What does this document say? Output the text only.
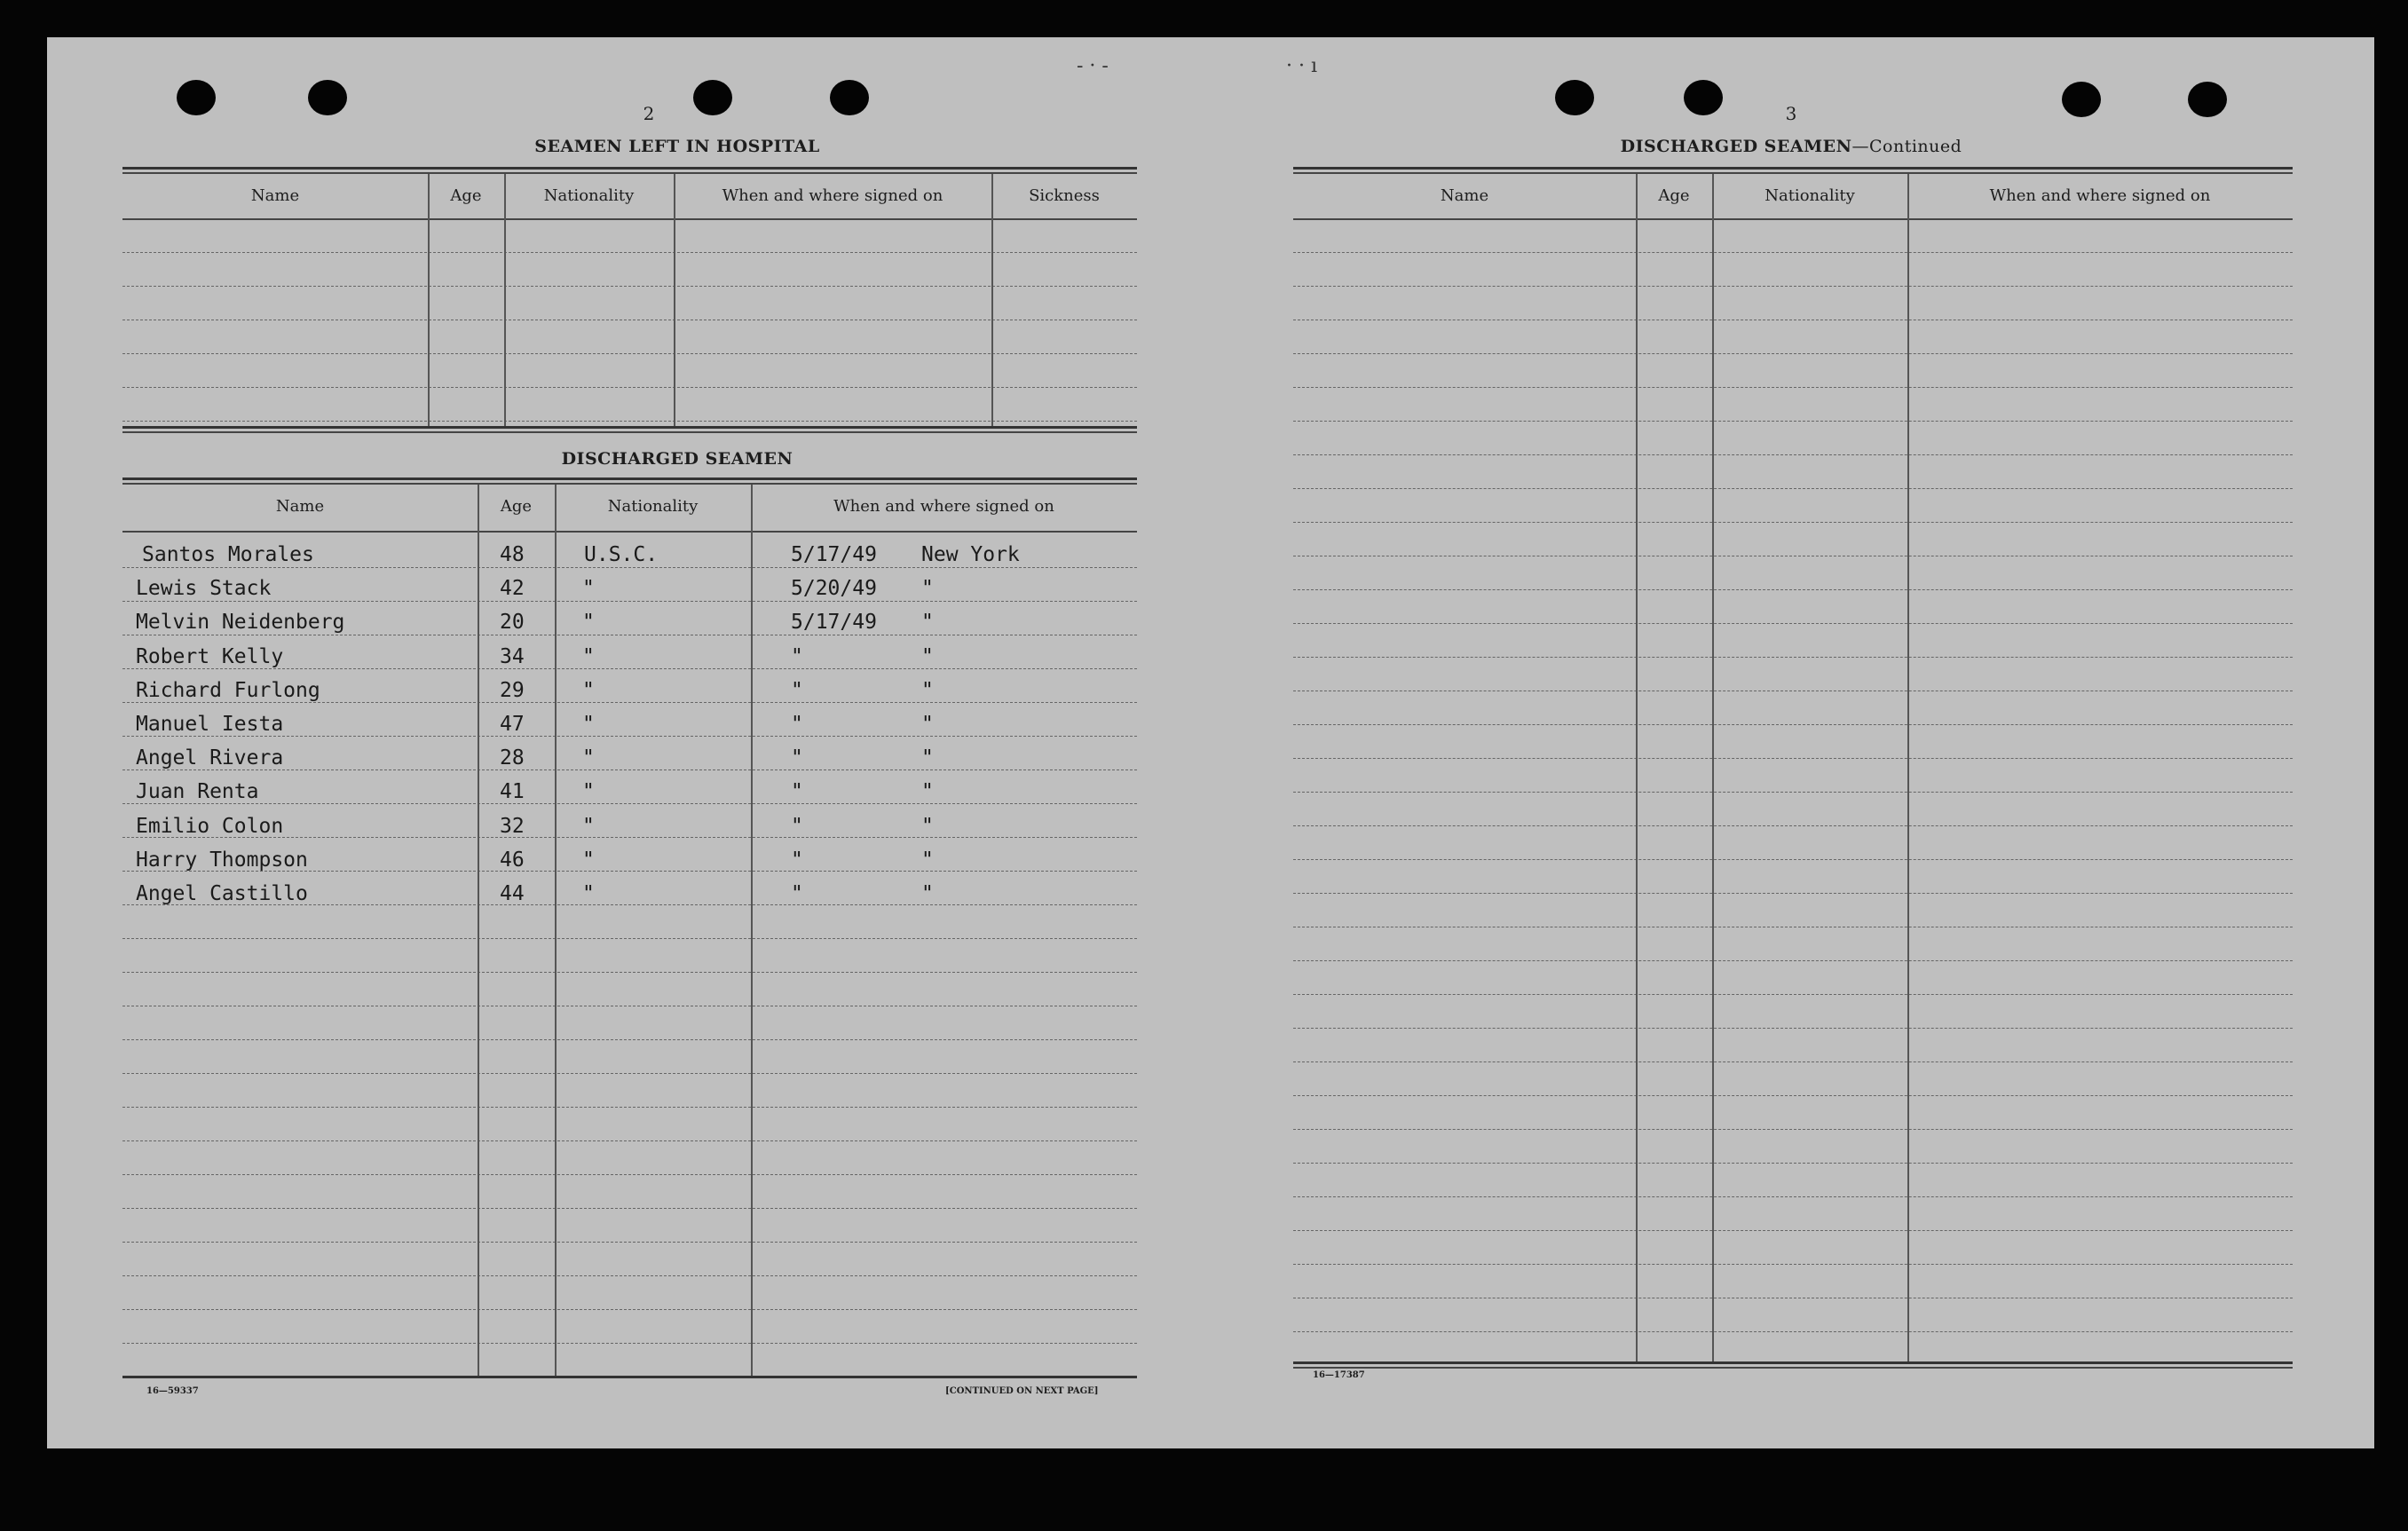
- · -	· · ı
2
SEAMEN LEFT IN HOSPITAL
Name	Age	Nationality	When and where signed on	Sickness
DISCHARGED SEAMEN
Name	Age	Nationality	When and where signed on
Santos Morales	48	U.S.C.	5/17/49 New York
Lewis Stack	42	"	5/20/49 "
Melvin Neidenberg	20	"	5/17/49 "
Robert Kelly	34	"	"	"
Richard Furlong	29	"	"	"
Manuel Iesta	47	"	"	"
Angel Rivera	28	"	"	"
Juan Renta	41	"	"	"
Emilio Colon	32	"	"	"
Harry Thompson	46	"	"	"
Angel Castillo	44	"	"	"
16—59337	[CONTINUED ON NEXT PAGE]
3
DISCHARGED SEAMEN—Continued
Name	Age	Nationality	When and where signed on
16—17387
